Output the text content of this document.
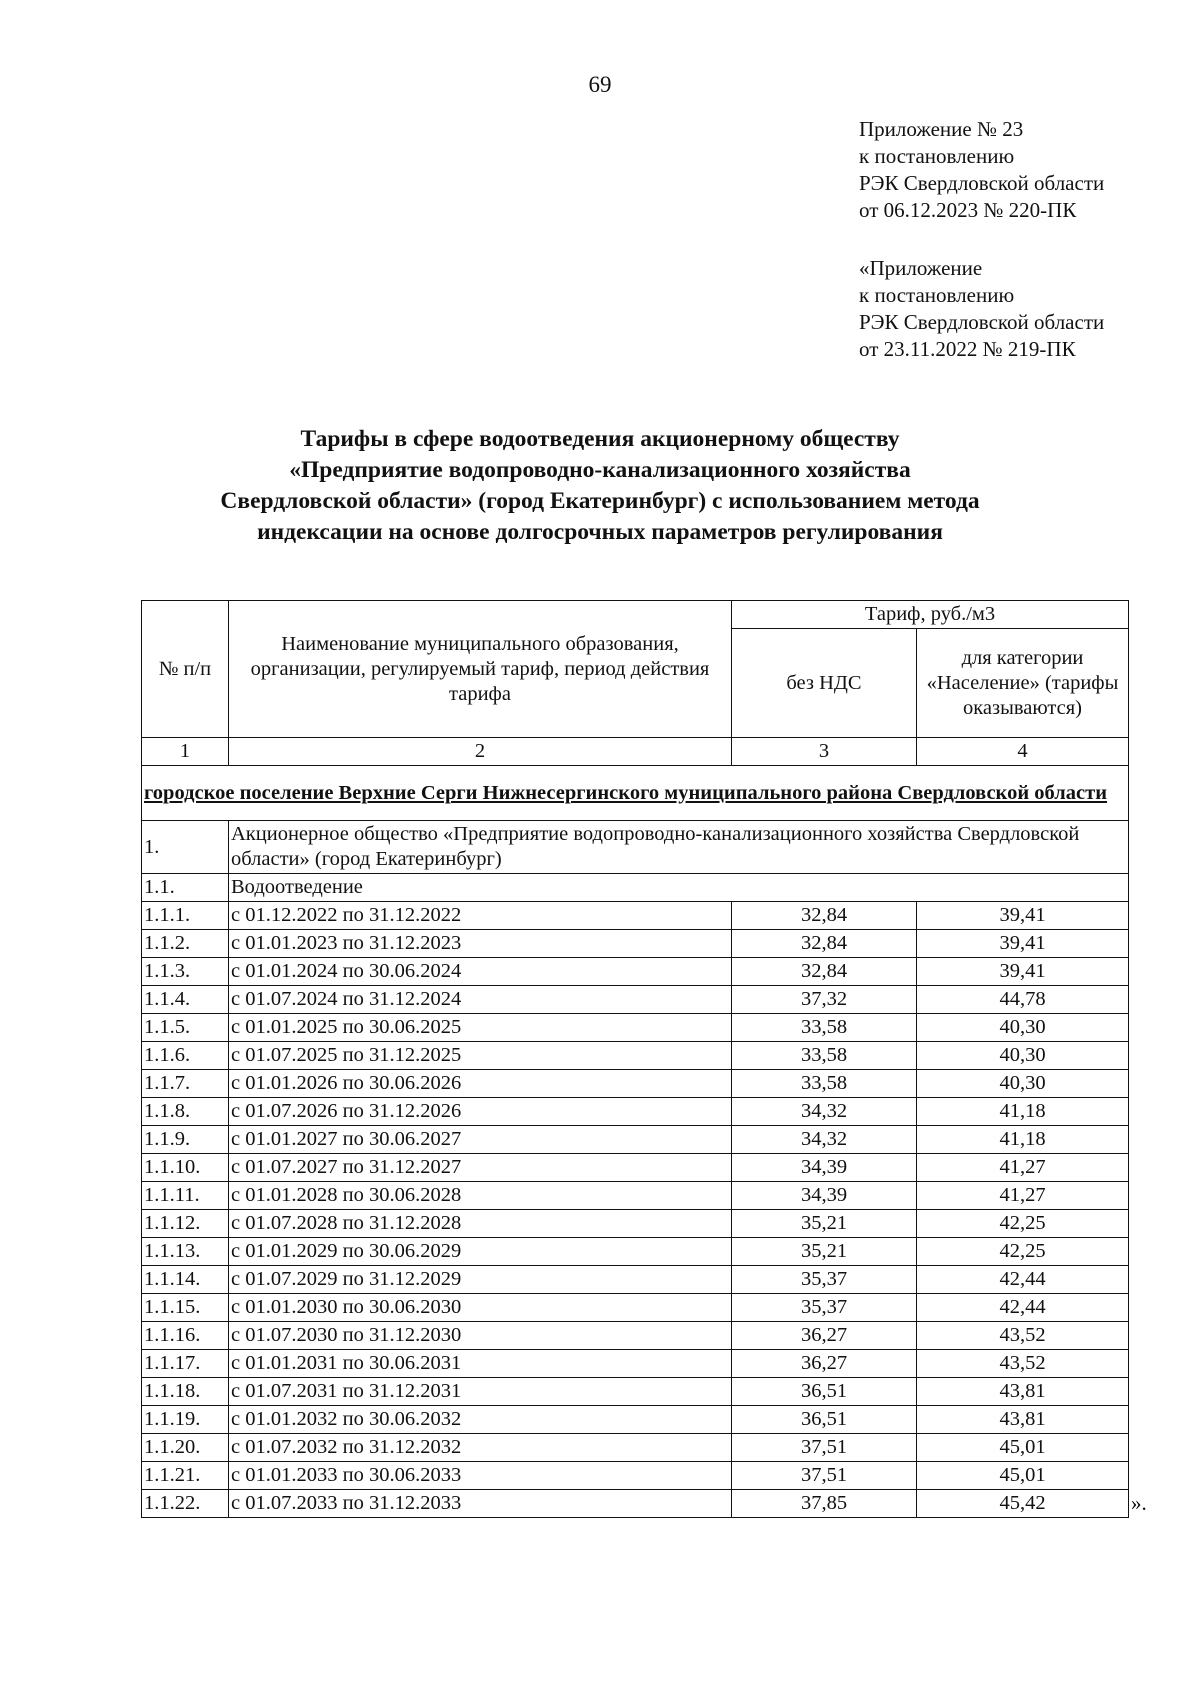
69
Приложение № 23
к постановлению
РЭК Свердловской области
от 06.12.2023 № 220-ПК
«Приложение
к постановлению
РЭК Свердловской области
от 23.11.2022 № 219-ПК
Тарифы в сфере водоотведения акционерному обществу
«Предприятие водопроводно-канализационного хозяйства
Свердловской области» (город Екатеринбург) с использованием метода
индексации на основе долгосрочных параметров регулирования
№ п/п	Наименование муниципального образования, организации, регулируемый тариф, период действия тарифа	Тариф, руб./м3	
		без НДС	для категории «Население» (тарифы оказываются)
1	2	3	4
городское поселение Верхние Серги Нижнесергинского муниципального района Свердловской области			
1.	Акционерное общество «Предприятие водопроводно-канализационного хозяйства Свердловской области» (город Екатеринбург)		
1.1.	Водоотведение		
1.1.1.	с 01.12.2022 по 31.12.2022	32,84	39,41
1.1.2.	с 01.01.2023 по 31.12.2023	32,84	39,41
1.1.3.	с 01.01.2024 по 30.06.2024	32,84	39,41
1.1.4.	с 01.07.2024 по 31.12.2024	37,32	44,78
1.1.5.	с 01.01.2025 по 30.06.2025	33,58	40,30
1.1.6.	с 01.07.2025 по 31.12.2025	33,58	40,30
1.1.7.	с 01.01.2026 по 30.06.2026	33,58	40,30
1.1.8.	с 01.07.2026 по 31.12.2026	34,32	41,18
1.1.9.	с 01.01.2027 по 30.06.2027	34,32	41,18
1.1.10.	с 01.07.2027 по 31.12.2027	34,39	41,27
1.1.11.	с 01.01.2028 по 30.06.2028	34,39	41,27
1.1.12.	с 01.07.2028 по 31.12.2028	35,21	42,25
1.1.13.	с 01.01.2029 по 30.06.2029	35,21	42,25
1.1.14.	с 01.07.2029 по 31.12.2029	35,37	42,44
1.1.15.	с 01.01.2030 по 30.06.2030	35,37	42,44
1.1.16.	с 01.07.2030 по 31.12.2030	36,27	43,52
1.1.17.	с 01.01.2031 по 30.06.2031	36,27	43,52
1.1.18.	с 01.07.2031 по 31.12.2031	36,51	43,81
1.1.19.	с 01.01.2032 по 30.06.2032	36,51	43,81
1.1.20.	с 01.07.2032 по 31.12.2032	37,51	45,01
1.1.21.	с 01.01.2033 по 30.06.2033	37,51	45,01
1.1.22.	с 01.07.2033 по 31.12.2033	37,85	45,42	».
